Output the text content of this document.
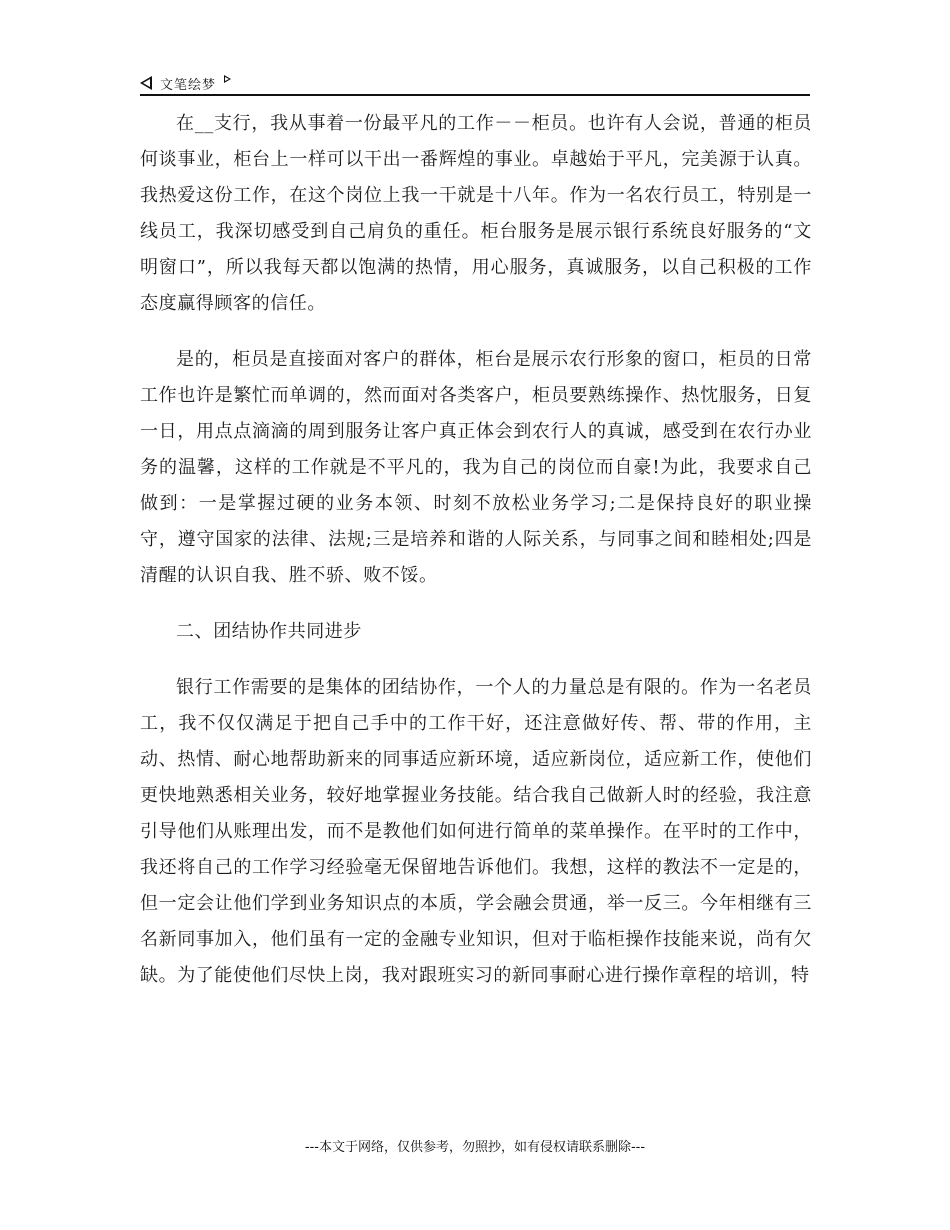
文笔绘梦

在__支行，我从事着一份最平凡的工作－－柜员。也许有人会说，普通的柜员何谈事业，柜台上一样可以干出一番辉煌的事业。卓越始于平凡，完美源于认真。我热爱这份工作，在这个岗位上我一干就是十八年。作为一名农行员工，特别是一线员工，我深切感受到自己肩负的重任。柜台服务是展示银行系统良好服务的“文明窗口”，所以我每天都以饱满的热情，用心服务，真诚服务，以自己积极的工作态度赢得顾客的信任。

是的，柜员是直接面对客户的群体，柜台是展示农行形象的窗口，柜员的日常工作也许是繁忙而单调的，然而面对各类客户，柜员要熟练操作、热忱服务，日复一日，用点点滴滴的周到服务让客户真正体会到农行人的真诚，感受到在农行办业务的温馨，这样的工作就是不平凡的，我为自己的岗位而自豪!为此，我要求自己做到：一是掌握过硬的业务本领、时刻不放松业务学习;二是保持良好的职业操守，遵守国家的法律、法规;三是培养和谐的人际关系，与同事之间和睦相处;四是清醒的认识自我、胜不骄、败不馁。

二、团结协作共同进步

银行工作需要的是集体的团结协作，一个人的力量总是有限的。作为一名老员工，我不仅仅满足于把自己手中的工作干好，还注意做好传、帮、带的作用，主动、热情、耐心地帮助新来的同事适应新环境，适应新岗位，适应新工作，使他们更快地熟悉相关业务，较好地掌握业务技能。结合我自己做新人时的经验，我注意引导他们从账理出发，而不是教他们如何进行简单的菜单操作。在平时的工作中，我还将自己的工作学习经验毫无保留地告诉他们。我想，这样的教法不一定是的，但一定会让他们学到业务知识点的本质，学会融会贯通，举一反三。今年相继有三名新同事加入，他们虽有一定的金融专业知识，但对于临柜操作技能来说，尚有欠缺。为了能使他们尽快上岗，我对跟班实习的新同事耐心进行操作章程的培训，特

---本文于网络，仅供参考，勿照抄，如有侵权请联系删除---
